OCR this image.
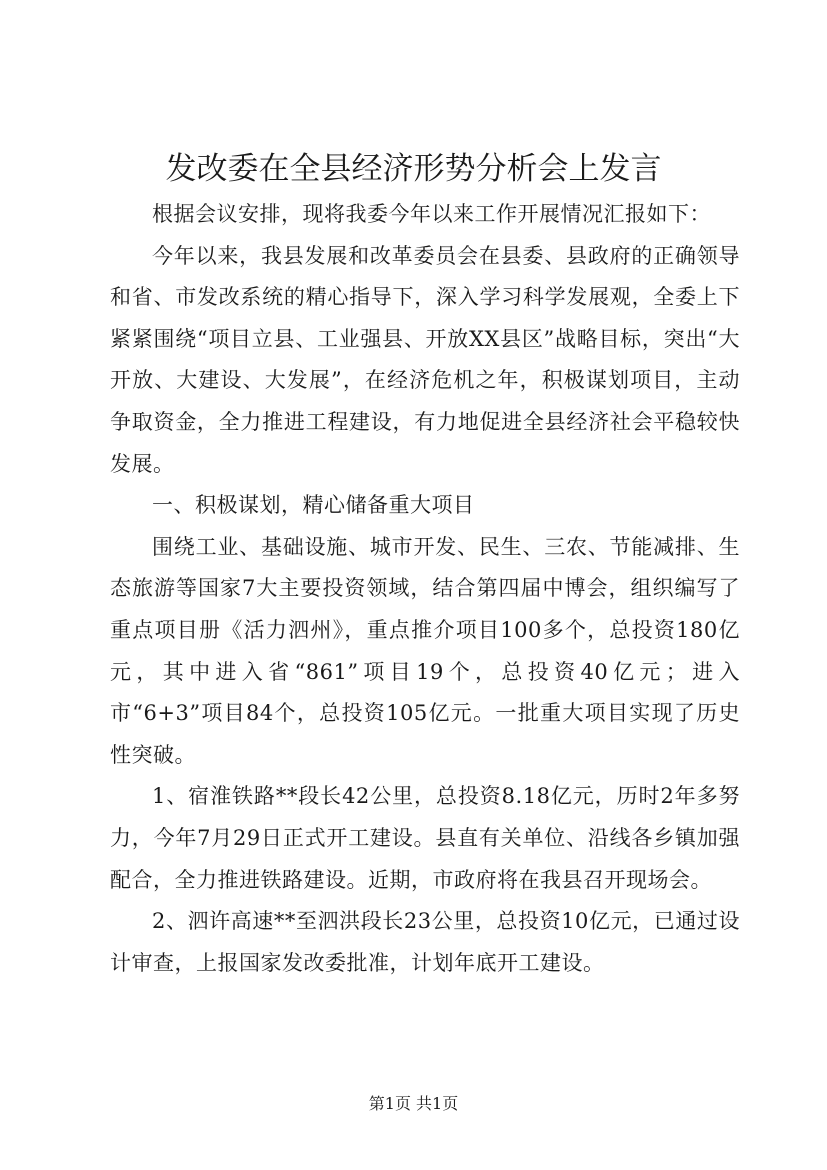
发改委在全县经济形势分析会上发言

根据会议安排，现将我委今年以来工作开展情况汇报如下：

今年以来，我县发展和改革委员会在县委、县政府的正确领导和省、市发改系统的精心指导下，深入学习科学发展观，全委上下紧紧围绕“项目立县、工业强县、开放XX县区”战略目标，突出“大开放、大建设、大发展”，在经济危机之年，积极谋划项目，主动争取资金，全力推进工程建设，有力地促进全县经济社会平稳较快发展。

一、积极谋划，精心储备重大项目

围绕工业、基础设施、城市开发、民生、三农、节能减排、生态旅游等国家7大主要投资领域，结合第四届中博会，组织编写了重点项目册《活力泗州》，重点推介项目100多个，总投资180亿元，其中进入省“861”项目19个，总投资40亿元；进入市“6+3”项目84个，总投资105亿元。一批重大项目实现了历史性突破。

1、宿淮铁路**段长42公里，总投资8.18亿元，历时2年多努力，今年7月29日正式开工建设。县直有关单位、沿线各乡镇加强配合，全力推进铁路建设。近期，市政府将在我县召开现场会。

2、泗许高速**至泗洪段长23公里，总投资10亿元，已通过设计审查，上报国家发改委批准，计划年底开工建设。

第1页 共1页
